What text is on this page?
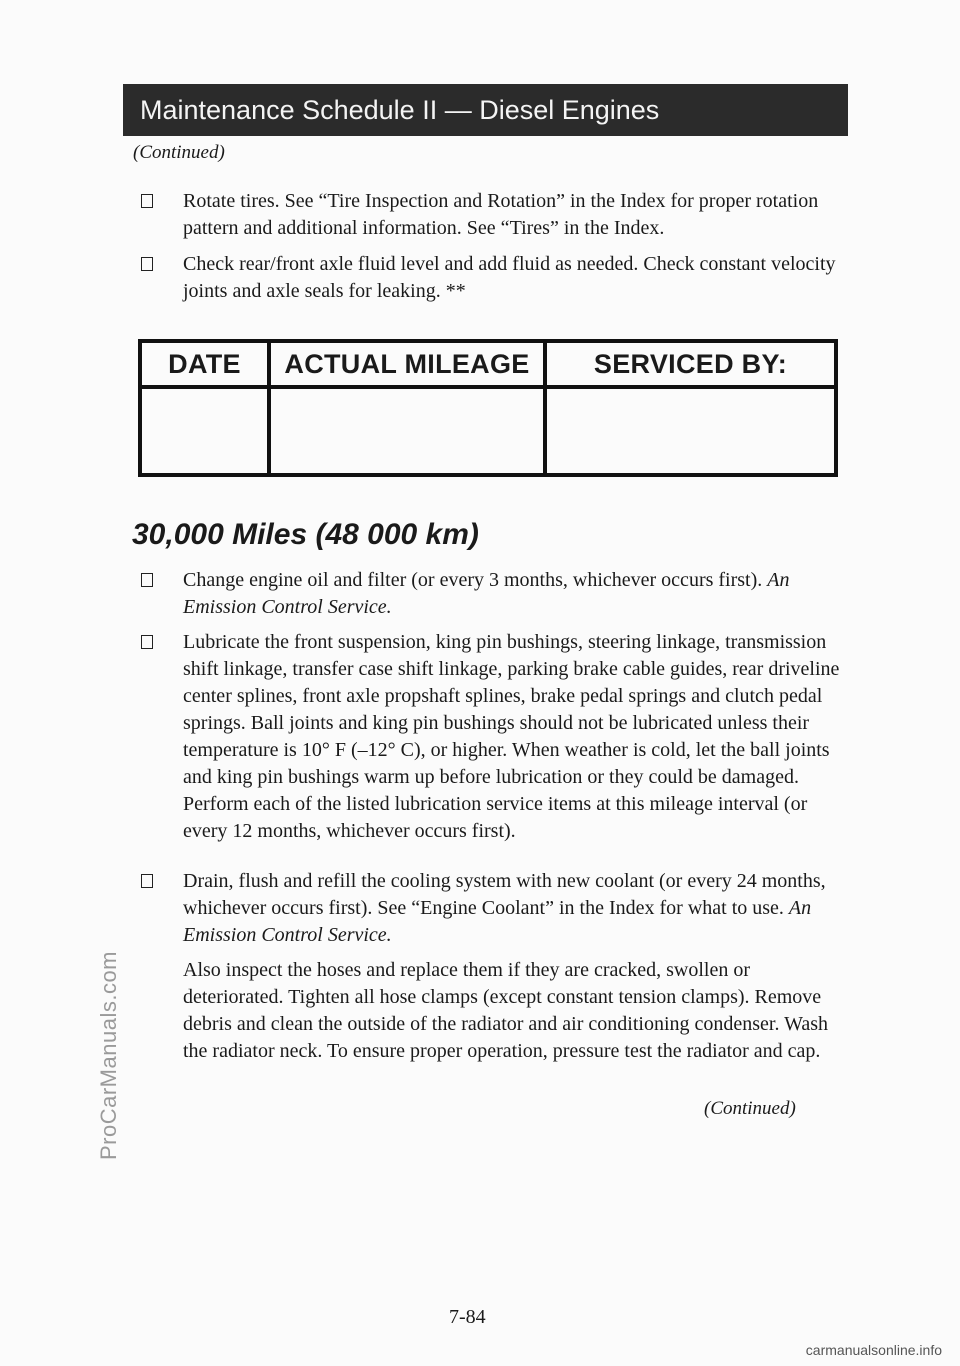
ProCarManuals.com
Maintenance Schedule II — Diesel Engines
(Continued)
Rotate tires. See “Tire Inspection and Rotation” in the Index for proper rotation pattern and additional information. See “Tires” in the Index.
Check rear/front axle fluid level and add fluid as needed. Check constant velocity joints and axle seals for leaking. **
DATE	ACTUAL MILEAGE	SERVICED BY:

30,000 Miles (48 000 km)
Change engine oil and filter (or every 3 months, whichever occurs first). An Emission Control Service.
Lubricate the front suspension, king pin bushings, steering linkage, transmission shift linkage, transfer case shift linkage, parking brake cable guides, rear driveline center splines, front axle propshaft splines, brake pedal springs and clutch pedal springs. Ball joints and king pin bushings should not be lubricated unless their temperature is 10° F (–12° C), or higher. When weather is cold, let the ball joints and king pin bushings warm up before lubrication or they could be damaged. Perform each of the listed lubrication service items at this mileage interval (or every 12 months, whichever occurs first).
Drain, flush and refill the cooling system with new coolant (or every 24 months, whichever occurs first). See “Engine Coolant” in the Index for what to use. An Emission Control Service.
Also inspect the hoses and replace them if they are cracked, swollen or deteriorated. Tighten all hose clamps (except constant tension clamps). Remove debris and clean the outside of the radiator and air conditioning condenser. Wash the radiator neck. To ensure proper operation, pressure test the radiator and cap.
(Continued)
7-84
carmanualsonline.info
